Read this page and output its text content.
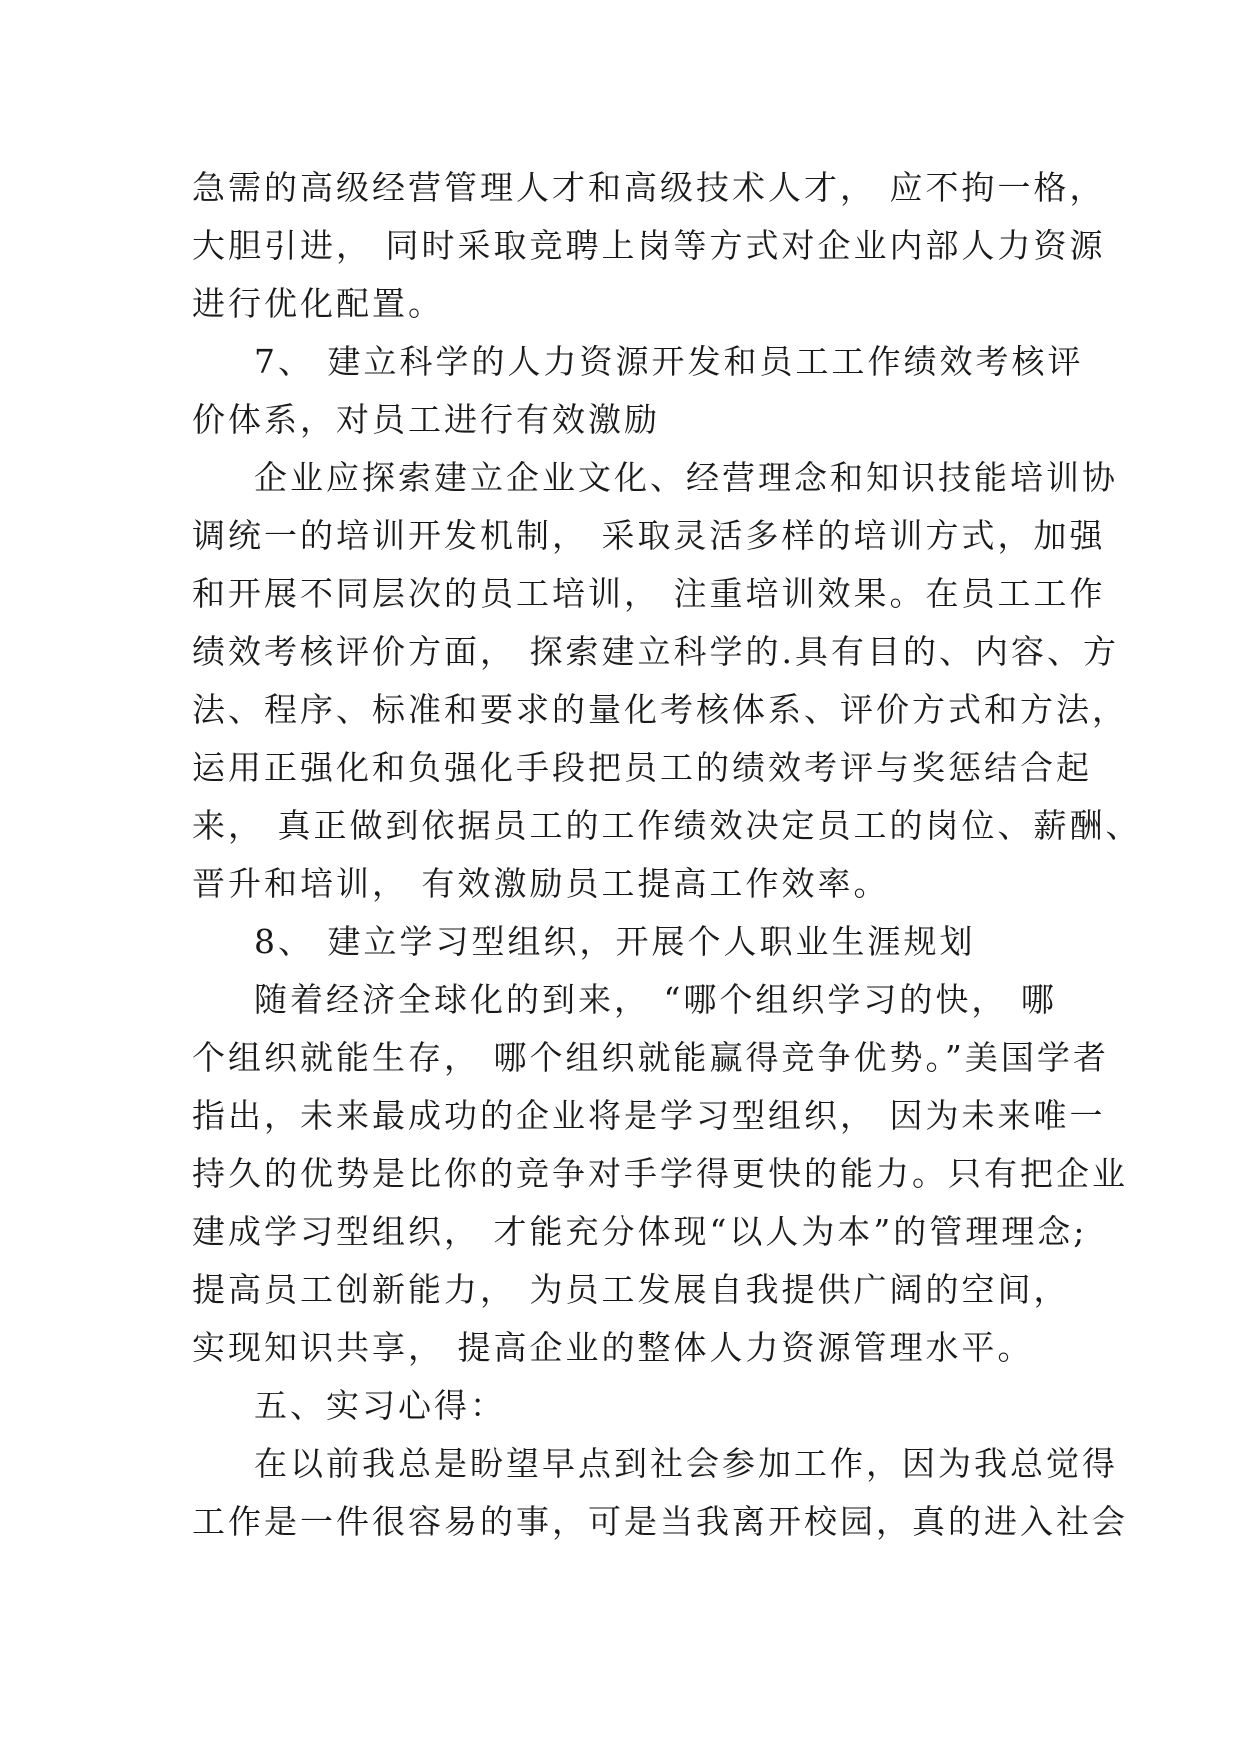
急需的高级经营管理人才和高级技术人才， 应不拘一格，
大胆引进， 同时采取竞聘上岗等方式对企业内部人力资源
进行优化配置。
7、 建立科学的人力资源开发和员工工作绩效考核评
价体系，对员工进行有效激励
企业应探索建立企业文化、经营理念和知识技能培训协
调统一的培训开发机制， 采取灵活多样的培训方式，加强
和开展不同层次的员工培训， 注重培训效果。在员工工作
绩效考核评价方面， 探索建立科学的.具有目的、内容、方
法、程序、标准和要求的量化考核体系、评价方式和方法，
运用正强化和负强化手段把员工的绩效考评与奖惩结合起
来， 真正做到依据员工的工作绩效决定员工的岗位、薪酬、
晋升和培训， 有效激励员工提高工作效率。
8、 建立学习型组织，开展个人职业生涯规划
随着经济全球化的到来， “哪个组织学习的快， 哪
个组织就能生存， 哪个组织就能赢得竞争优势。”美国学者
指出，未来最成功的企业将是学习型组织， 因为未来唯一
持久的优势是比你的竞争对手学得更快的能力。只有把企业
建成学习型组织， 才能充分体现“以人为本”的管理理念;
提高员工创新能力， 为员工发展自我提供广阔的空间，
实现知识共享， 提高企业的整体人力资源管理水平。
五、实习心得：
在以前我总是盼望早点到社会参加工作，因为我总觉得
工作是一件很容易的事，可是当我离开校园，真的进入社会
